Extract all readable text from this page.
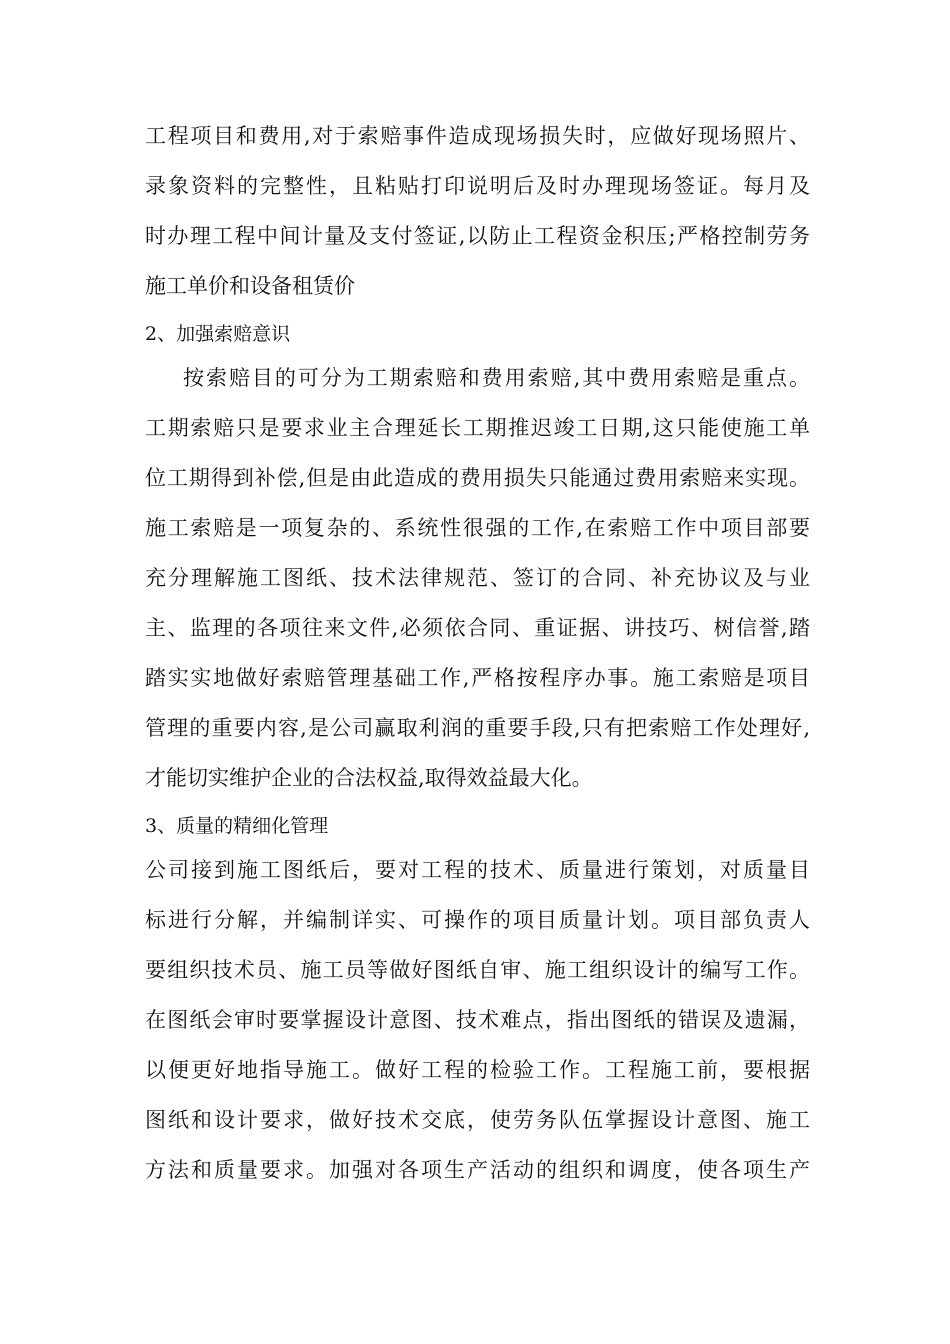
工程项目和费用,对于索赔事件造成现场损失时，应做好现场照片、
录象资料的完整性，且粘贴打印说明后及时办理现场签证。每月及
时办理工程中间计量及支付签证,以防止工程资金积压;严格控制劳务
施工单价和设备租赁价
2、加强索赔意识
按索赔目的可分为工期索赔和费用索赔,其中费用索赔是重点。
工期索赔只是要求业主合理延长工期推迟竣工日期,这只能使施工单
位工期得到补偿,但是由此造成的费用损失只能通过费用索赔来实现。
施工索赔是一项复杂的、系统性很强的工作,在索赔工作中项目部要
充分理解施工图纸、技术法律规范、签订的合同、补充协议及与业
主、监理的各项往来文件,必须依合同、重证据、讲技巧、树信誉,踏
踏实实地做好索赔管理基础工作,严格按程序办事。施工索赔是项目
管理的重要内容,是公司赢取利润的重要手段,只有把索赔工作处理好,
才能切实维护企业的合法权益,取得效益最大化。
3、质量的精细化管理
公司接到施工图纸后，要对工程的技术、质量进行策划，对质量目
标进行分解，并编制详实、可操作的项目质量计划。项目部负责人
要组织技术员、施工员等做好图纸自审、施工组织设计的编写工作。
在图纸会审时要掌握设计意图、技术难点，指出图纸的错误及遗漏，
以便更好地指导施工。做好工程的检验工作。工程施工前，要根据
图纸和设计要求，做好技术交底，使劳务队伍掌握设计意图、施工
方法和质量要求。加强对各项生产活动的组织和调度，使各项生产
